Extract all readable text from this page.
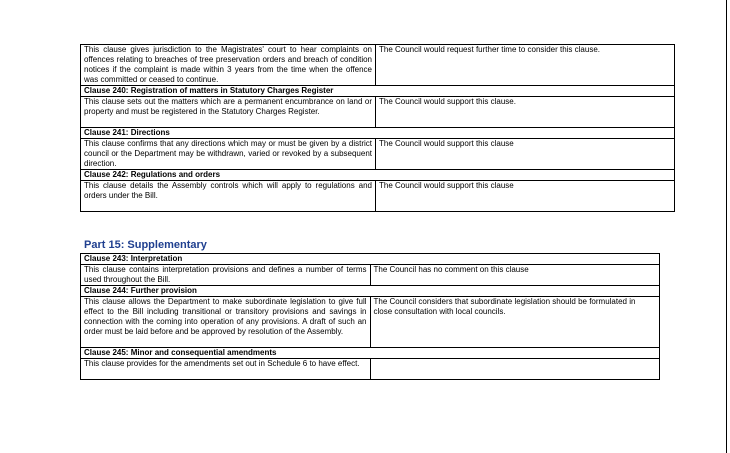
This clause gives jurisdiction to the Magistrates' court to hear complaints on offences relating to breaches of tree preservation orders and breach of condition notices if the complaint is made within 3 years from the time when the offence was committed or ceased to continue.	The Council would request further time to consider this clause.
Clause 240: Registration of matters in Statutory Charges Register	
This clause sets out the matters which are a permanent encumbrance on land or property and must be registered in the Statutory Charges Register.	The Council would support this clause.
Clause 241: Directions	
This clause confirms that any directions which may or must be given by a district council or the Department may be withdrawn, varied or revoked by a subsequent direction.	The Council would support this clause
Clause 242: Regulations and orders	
This clause details the Assembly controls which will apply to regulations and orders under the Bill.	The Council would support this clause
Part 15: Supplementary
Clause 243: Interpretation	
This clause contains interpretation provisions and defines a number of terms used throughout the Bill.	The Council has no comment on this clause
Clause 244: Further provision	
This clause allows the Department to make subordinate legislation to give full effect to the Bill including transitional or transitory provisions and savings in connection with the coming into operation of any provisions. A draft of such an order must be laid before and be approved by resolution of the Assembly.	The Council considers that subordinate legislation should be formulated in close consultation with local councils.
Clause 245: Minor and consequential amendments	
This clause provides for the amendments set out in Schedule 6 to have effect.	
